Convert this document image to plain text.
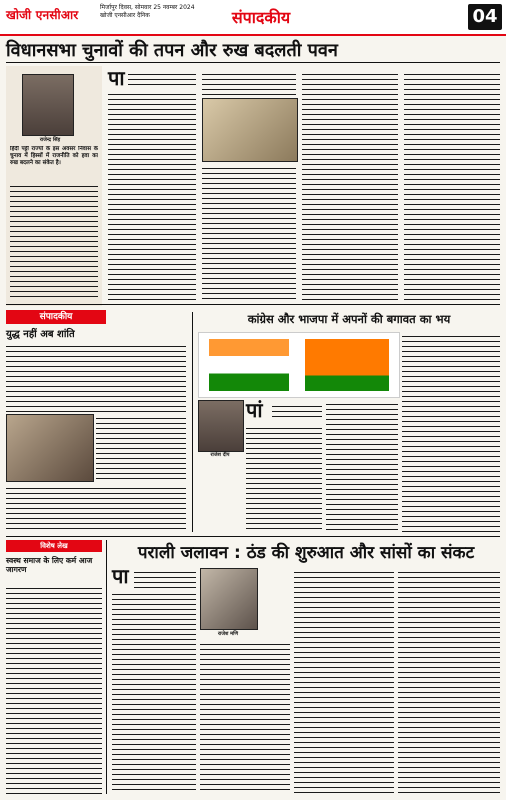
खोजी एनसीआर
मिर्जापुर दिवस, सोमवार 25 नवम्बर 2024
खोजी एनसीआर दैनिक	संपादकीय	04
विधानसभा चुनावों की तपन और रुख बदलती पवन
राजेन्द्र सिंह
हिंदी पट्टी राज्यों के इस अवसर निवास के चुनाव में हिस्सों में राजनीति को हवा का रुख बदलने का संकेत है।
पा
संपादकीय
युद्ध नहीं अब शांति
कांग्रेस और भाजपा में अपनों की बगावत का भय
राजेश दीप
पां
पराली जलावन : ठंड की शुरुआत और सांसों का संकट
राजेश मणि
पा
विशेष लेख
स्वस्थ समाज के लिए कर्म आज जागरण
